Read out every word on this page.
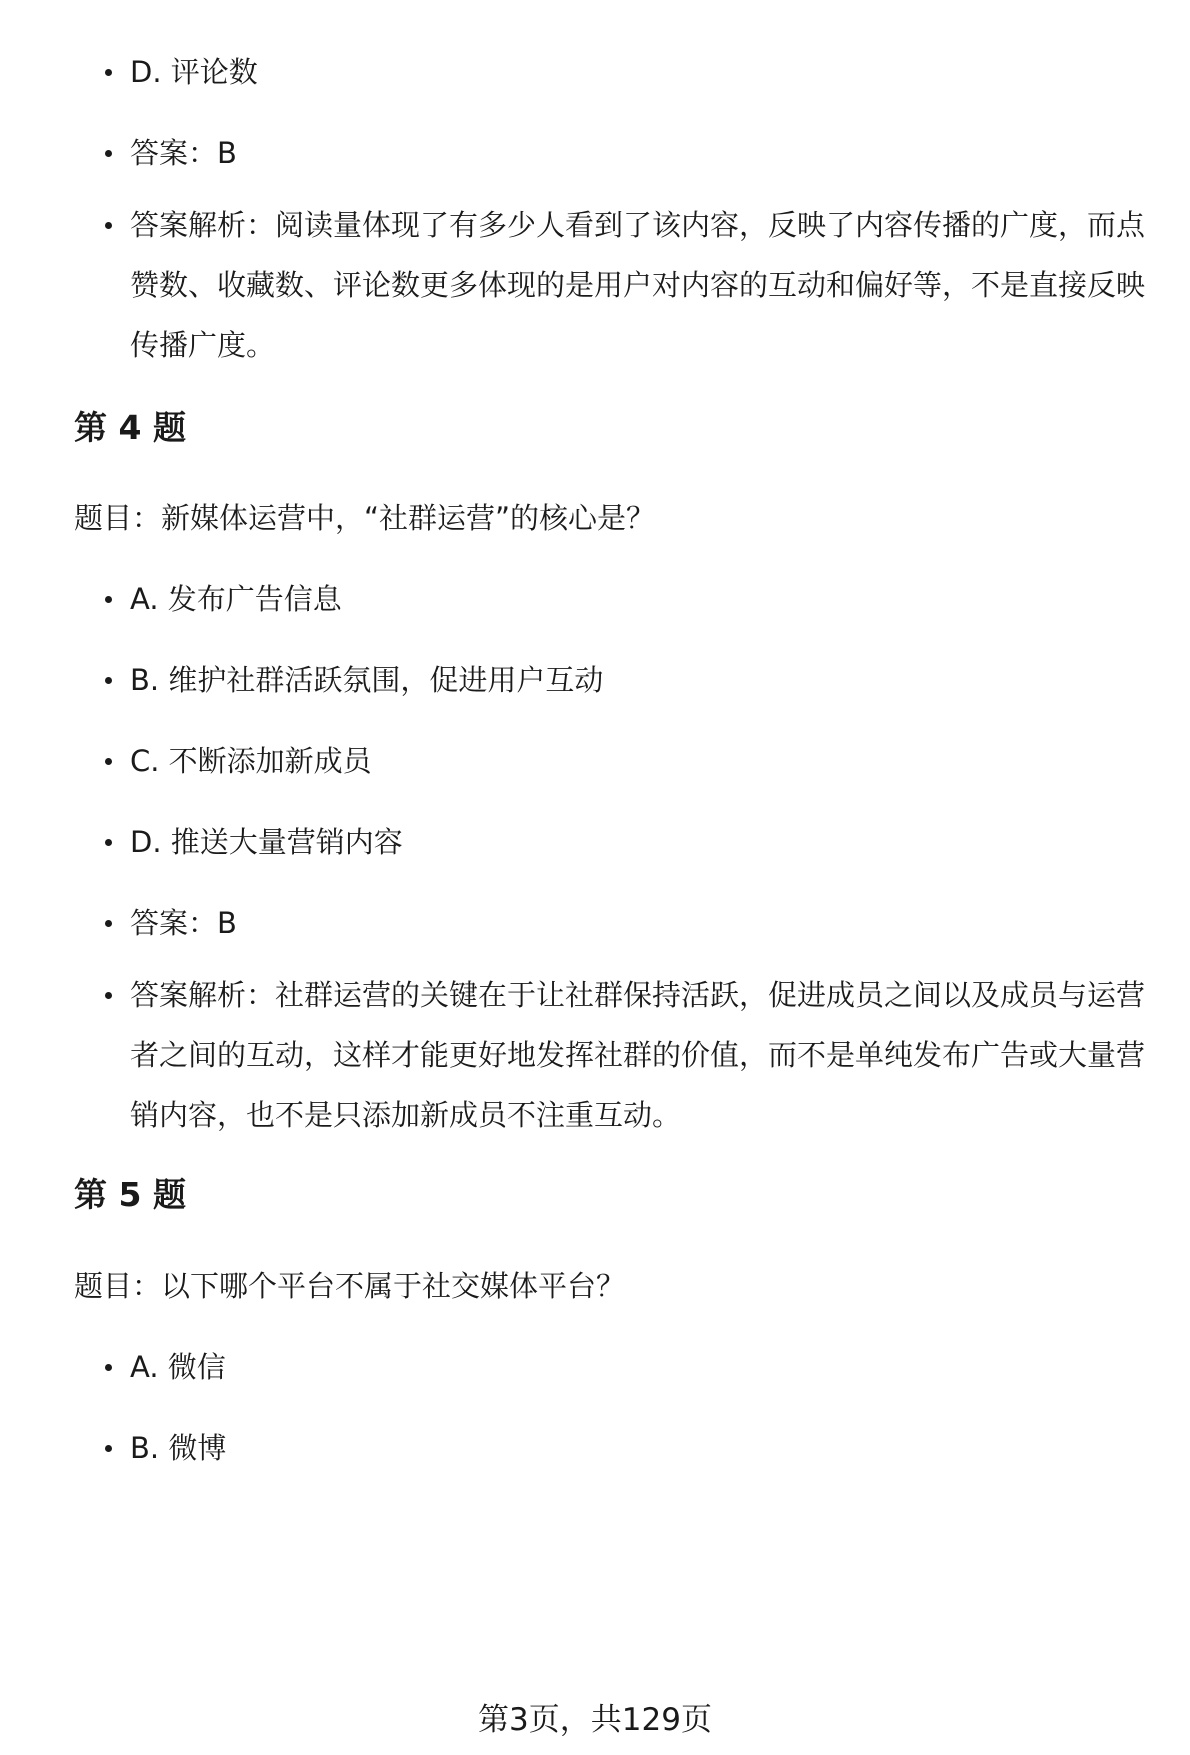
D. 评论数
答案：B
答案解析：阅读量体现了有多少人看到了该内容，反映了内容传播的广度，而点赞数、收藏数、评论数更多体现的是用户对内容的互动和偏好等，不是直接反映传播广度。
第 4 题
题目：新媒体运营中，“社群运营”的核心是？
A. 发布广告信息
B. 维护社群活跃氛围，促进用户互动
C. 不断添加新成员
D. 推送大量营销内容
答案：B
答案解析：社群运营的关键在于让社群保持活跃，促进成员之间以及成员与运营者之间的互动，这样才能更好地发挥社群的价值，而不是单纯发布广告或大量营销内容，也不是只添加新成员不注重互动。
第 5 题
题目：以下哪个平台不属于社交媒体平台？
A. 微信
B. 微博
第3页，共129页
